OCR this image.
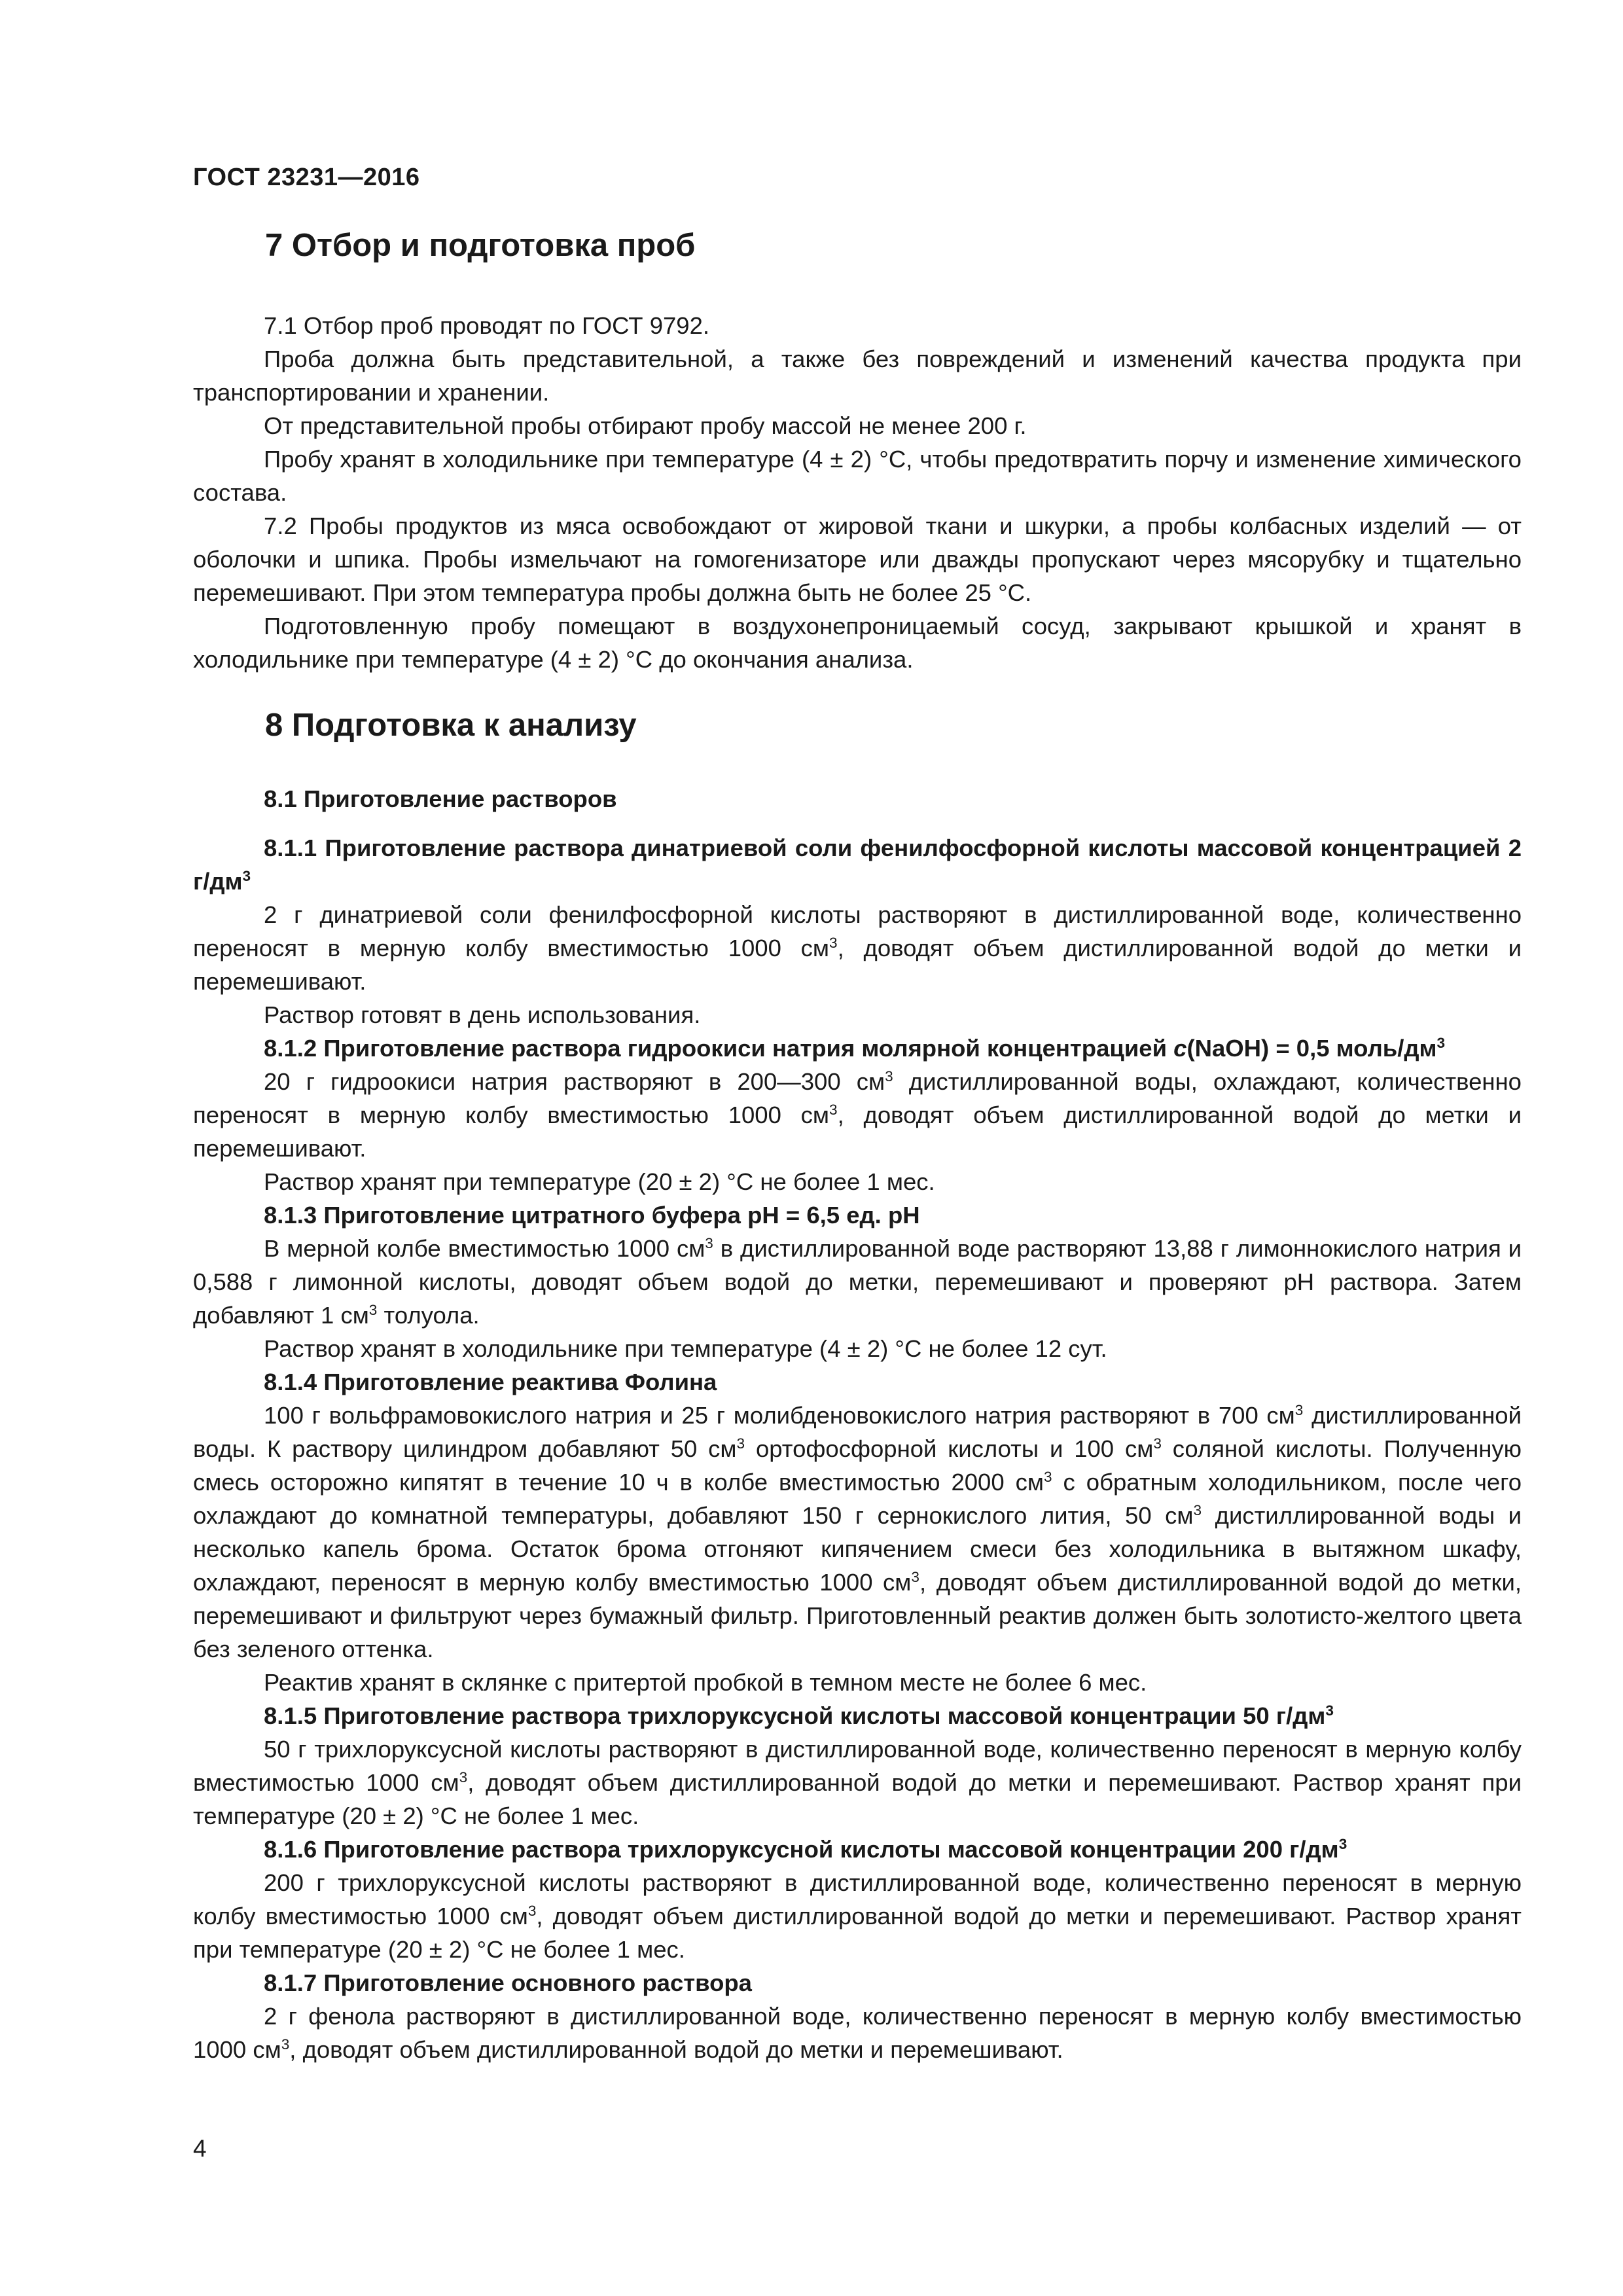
ГОСТ 23231—2016
7 Отбор и подготовка проб

7.1 Отбор проб проводят по ГОСТ 9792.

Проба должна быть представительной, а также без повреждений и изменений качества продукта при транспортировании и хранении.

От представительной пробы отбирают пробу массой не менее 200 г.

Пробу хранят в холодильнике при температуре (4 ± 2) °С, чтобы предотвратить порчу и изменение химического состава.

7.2 Пробы продуктов из мяса освобождают от жировой ткани и шкурки, а пробы колбасных изделий — от оболочки и шпика. Пробы измельчают на гомогенизаторе или дважды пропускают через мясорубку и тщательно перемешивают. При этом температура пробы должна быть не более 25 °С.

Подготовленную пробу помещают в воздухонепроницаемый сосуд, закрывают крышкой и хранят в холодильнике при температуре (4 ± 2) °С до окончания анализа.

8 Подготовка к анализу

8.1 Приготовление растворов

8.1.1 Приготовление раствора динатриевой соли фенилфосфорной кислоты массовой концентрацией 2 $г/дм^3$

2 г динатриевой соли фенилфосфорной кислоты растворяют в дистиллированной воде, количественно переносят в мерную колбу вместимостью 1000 $см^3$, доводят объем дистиллированной водой до метки и перемешивают.

Раствор готовят в день использования.

8.1.2 Приготовление раствора гидроокиси натрия молярной концентрацией c(NaOH) = 0,5 моль/$дм^3$

20 г гидроокиси натрия растворяют в 200—300 $см^3$ дистиллированной воды, охлаждают, количественно переносят в мерную колбу вместимостью 1000 $см^3$, доводят объем дистиллированной водой до метки и перемешивают.

Раствор хранят при температуре (20 ± 2) °С не более 1 мес.

8.1.3 Приготовление цитратного буфера рН = 6,5 ед. рН

В мерной колбе вместимостью 1000 $см^3$ в дистиллированной воде растворяют 13,88 г лимоннокислого натрия и 0,588 г лимонной кислоты, доводят объем водой до метки, перемешивают и проверяют рН раствора. Затем добавляют 1 $см^3$ толуола.

Раствор хранят в холодильнике при температуре (4 ± 2) °С не более 12 сут.

8.1.4 Приготовление реактива Фолина

100 г вольфрамовокислого натрия и 25 г молибденовокислого натрия растворяют в 700 $см^3$ дистиллированной воды. К раствору цилиндром добавляют 50 $см^3$ ортофосфорной кислоты и 100 $см^3$ соляной кислоты. Полученную смесь осторожно кипятят в течение 10 ч в колбе вместимостью 2000 $см^3$ с обратным холодильником, после чего охлаждают до комнатной температуры, добавляют 150 г сернокислого лития, 50 $см^3$ дистиллированной воды и несколько капель брома. Остаток брома отгоняют кипячением смеси без холодильника в вытяжном шкафу, охлаждают, переносят в мерную колбу вместимостью 1000 $см^3$, доводят объем дистиллированной водой до метки, перемешивают и фильтруют через бумажный фильтр. Приготовленный реактив должен быть золотисто-желтого цвета без зеленого оттенка.

Реактив хранят в склянке с притертой пробкой в темном месте не более 6 мес.

8.1.5 Приготовление раствора трихлоруксусной кислоты массовой концентрации 50 $г/дм^3$

50 г трихлоруксусной кислоты растворяют в дистиллированной воде, количественно переносят в мерную колбу вместимостью 1000 $см^3$, доводят объем дистиллированной водой до метки и перемешивают. Раствор хранят при температуре (20 ± 2) °С не более 1 мес.

8.1.6 Приготовление раствора трихлоруксусной кислоты массовой концентрации 200 $г/дм^3$

200 г трихлоруксусной кислоты растворяют в дистиллированной воде, количественно переносят в мерную колбу вместимостью 1000 $см^3$, доводят объем дистиллированной водой до метки и перемешивают. Раствор хранят при температуре (20 ± 2) °С не более 1 мес.

8.1.7 Приготовление основного раствора

2 г фенола растворяют в дистиллированной воде, количественно переносят в мерную колбу вместимостью 1000 $см^3$, доводят объем дистиллированной водой до метки и перемешивают.

4
